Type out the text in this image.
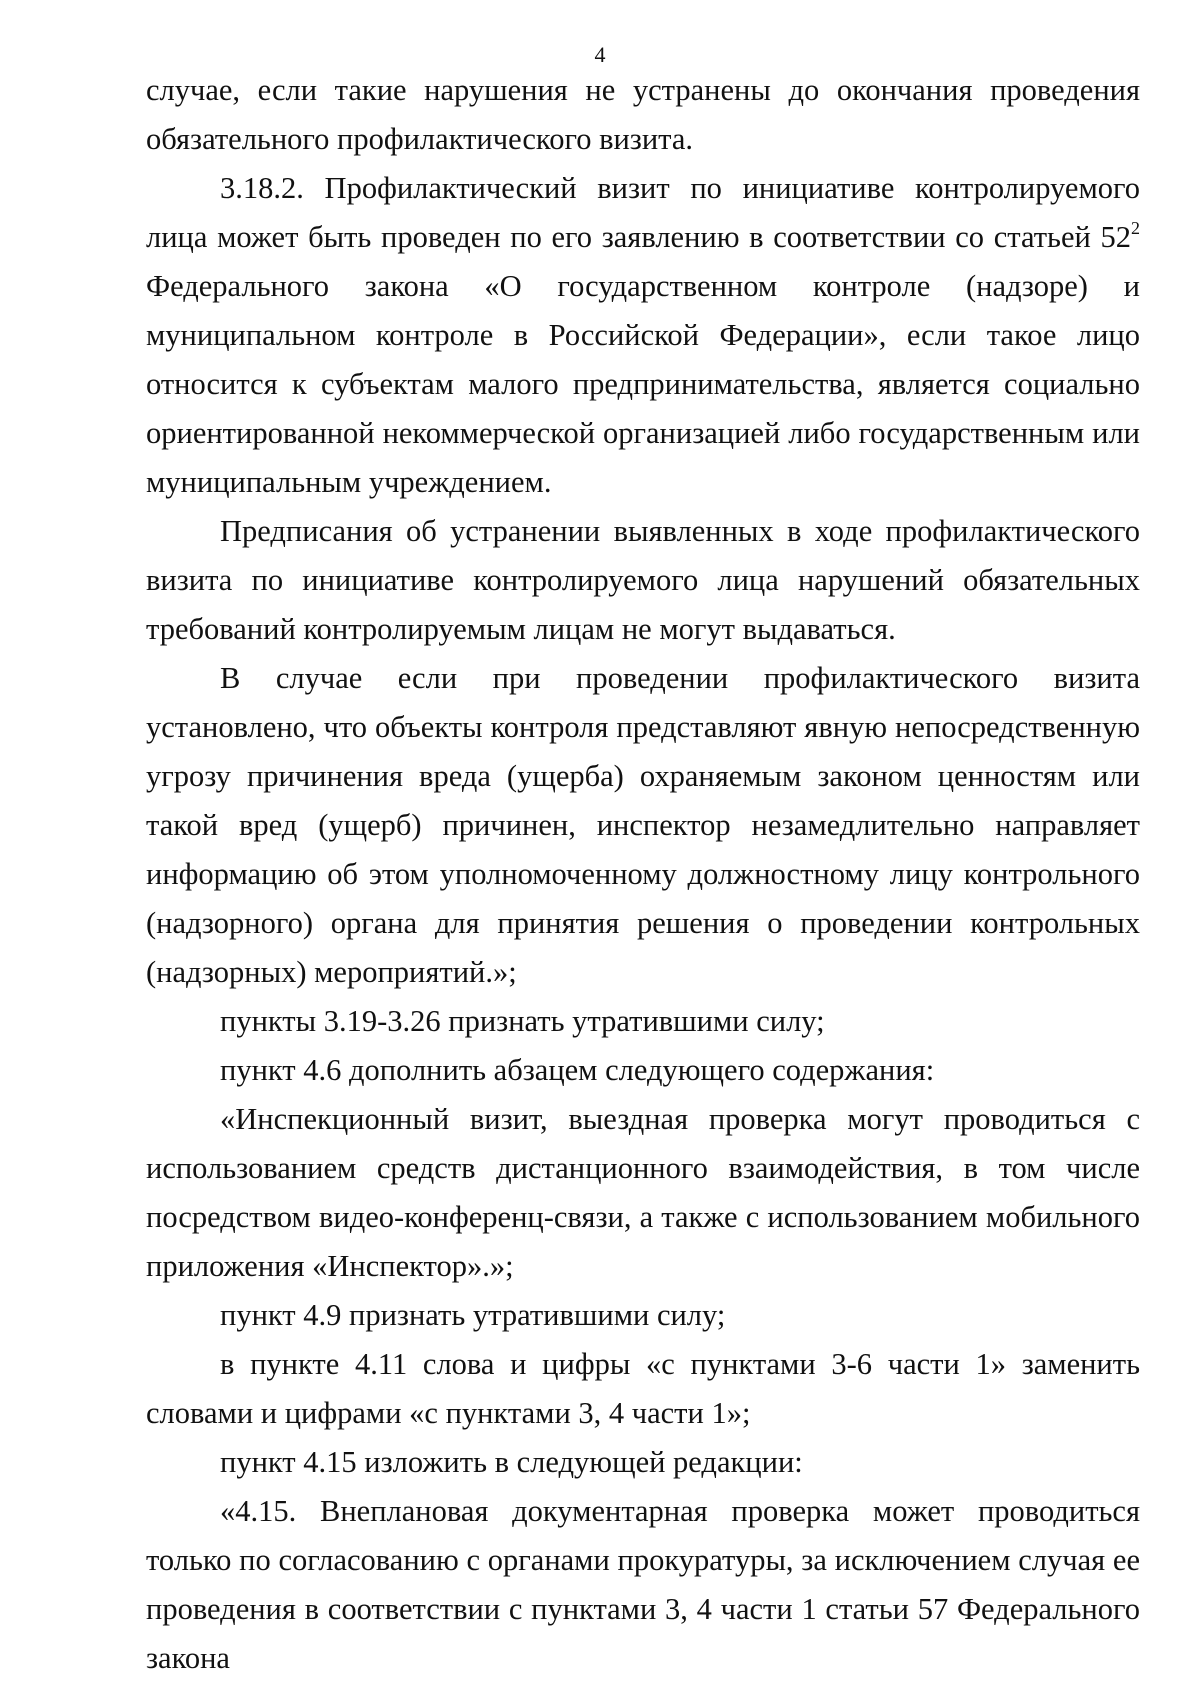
4

случае, если такие нарушения не устранены до окончания проведения обязательного профилактического визита.

3.18.2. Профилактический визит по инициативе контролируемого лица может быть проведен по его заявлению в соответствии со статьей $52^2$ Федерального закона «О государственном контроле (надзоре) и муниципальном контроле в Российской Федерации», если такое лицо относится к субъектам малого предпринимательства, является социально ориентированной некоммерческой организацией либо государственным или муниципальным учреждением.

Предписания об устранении выявленных в ходе профилактического визита по инициативе контролируемого лица нарушений обязательных требований контролируемым лицам не могут выдаваться.

В случае если при проведении профилактического визита установлено, что объекты контроля представляют явную непосредственную угрозу причинения вреда (ущерба) охраняемым законом ценностям или такой вред (ущерб) причинен, инспектор незамедлительно направляет информацию об этом уполномоченному должностному лицу контрольного (надзорного) органа для принятия решения о проведении контрольных (надзорных) мероприятий.»;

пункты 3.19-3.26 признать утратившими силу;

пункт 4.6 дополнить абзацем следующего содержания:

«Инспекционный визит, выездная проверка могут проводиться с использованием средств дистанционного взаимодействия, в том числе посредством видео-конференц-связи, а также с использованием мобильного приложения «Инспектор».»;

пункт 4.9 признать утратившими силу;

в пункте 4.11 слова и цифры «с пунктами 3-6 части 1» заменить словами и цифрами «с пунктами 3, 4 части 1»;

пункт 4.15 изложить в следующей редакции:

«4.15. Внеплановая документарная проверка может проводиться только по согласованию с органами прокуратуры, за исключением случая ее проведения в соответствии с пунктами 3, 4 части 1 статьи 57 Федерального закона
